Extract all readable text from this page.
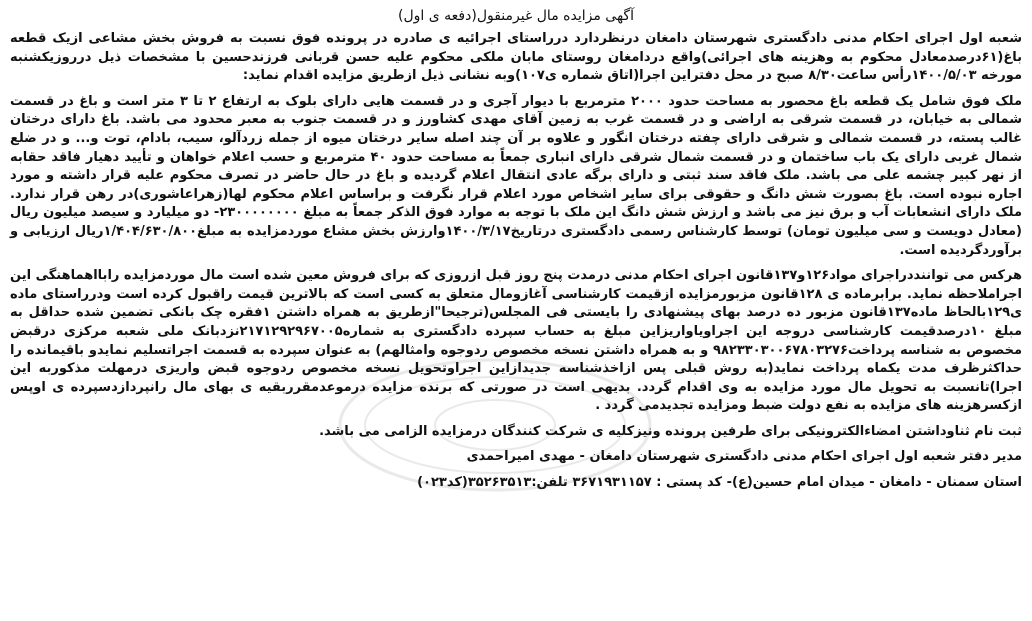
آگهی مزایده مال غیرمنقول(دفعه ی اول)

شعبه اول اجرای احکام مدنی دادگستری شهرستان دامغان درنظردارد درراستای اجرائیه ی صادره در پرونده فوق نسبت به فروش بخش مشاعی ازیک قطعه باغ(۶۱درصدمعادل محکوم به وهزینه های اجرائی)واقع دردامغان روستای مابان ملکی محکوم علیه حسن قربانی فرزندحسین با مشخصات ذیل درروزیکشنبه مورخه ۱۴۰۰/۵/۰۳رأس ساعت۸/۳۰ صبح در محل دفتراین اجرا(اتاق شماره ی۱۰۷)وبه نشانی ذیل ازطریق مزایده اقدام نماید:

ملک فوق شامل یک قطعه باغ محصور به مساحت حدود ۲۰۰۰ مترمربع با دیوار آجری و در قسمت هایی دارای بلوک به ارتفاع ۲ تا ۳ متر است و باغ در قسمت شمالی به خیابان، در قسمت شرقی به اراضی و در قسمت غرب به زمین آقای مهدی کشاورز و در قسمت جنوب به معبر محدود می باشد. باغ دارای درختان غالب پسته، در قسمت شمالی و شرقی دارای چفته درختان انگور و علاوه بر آن چند اصله سایر درختان میوه از جمله زردآلو، سیب، بادام، توت و... و در ضلع شمال غربی دارای یک باب ساختمان و در قسمت شمال شرقی دارای انباری جمعاً به مساحت حدود ۴۰ مترمربع و حسب اعلام خواهان و تأیید دهیار فاقد حقابه از نهر کبیر چشمه علی می باشد. ملک فاقد سند ثبتی و دارای برگه عادی انتقال اعلام گردیده و باغ در حال حاضر در تصرف محکوم علیه قرار داشته و مورد اجاره نبوده است. باغ بصورت شش دانگ و حقوقی برای سایر اشخاص مورد اعلام قرار نگرفت و براساس اعلام محکوم لها(زهراعاشوری)در رهن قرار ندارد. ملک دارای انشعابات آب و برق نیز می باشد و ارزش شش دانگ این ملک با توجه به موارد فوق الذکر جمعاً به مبلغ ۲۳۰۰۰۰۰۰۰۰- دو میلیارد و سیصد میلیون ریال (معادل دویست و سی میلیون تومان) توسط کارشناس رسمی دادگستری درتاریخ۱۴۰۰/۳/۱۷وارزش بخش مشاع موردمزایده به مبلغ۱/۴۰۴/۶۳۰/۸۰۰ریال ارزیابی و برآوردگردیده است.

هرکس می تواننددراجرای مواد۱۲۶و۱۳۷قانون اجرای احکام مدنی درمدت پنج روز قبل ازروزی که برای فروش معین شده است مال موردمزایده رابااهماهنگی این اجراملاحظه نماید. برابرماده ی ۱۲۸قانون مزبورمزایده ازقیمت کارشناسی آغازومال متعلق به کسی است که بالاترین قیمت راقبول کرده است ودرراستای ماده ی۱۲۹بالحاظ ماده۱۳۷قانون مزبور ده درصد بهای پیشنهادی را بایستی فی المجلس(ترجیحا"ازطریق به همراه داشتن ۱فقره چک بانکی تضمین شده حداقل به مبلغ ۱۰درصدقیمت کارشناسی دروجه این اجراویاواریزاین مبلغ به حساب سپرده دادگستری به شماره۲۱۷۱۲۹۲۹۶۷۰۰۵نزدبانک ملی شعبه مرکزی درقبض مخصوص به شناسه پرداخت۹۸۲۳۳۰۳۰۰۶۷۸۰۳۲۷۶ و به همراه داشتن نسخه مخصوص ردوجوه وامثالهم) به عنوان سپرده به قسمت اجراتسلیم نمایدو باقیمانده را حداکثرظرف مدت یکماه پرداخت نماید(به روش قبلی پس ازاخذشناسه جدیدازاین اجراوتحویل نسخه مخصوص ردوجوه قبض واریزی درمهلت مذکوربه این اجرا)تانسبت به تحویل مال مورد مزایده به وی اقدام گردد. بدیهی است در صورتی که برنده مزایده درموعدمقرربقیه ی بهای مال رانپردازدسپرده ی اوپس ازکسرهزینه های مزایده به نفع دولت ضبط ومزایده تجدیدمی گردد .

ثبت نام ثناوداشتن امضاءالکترونیکی برای طرفین پرونده ونیزکلیه ی شرکت کنندگان درمزایده الزامی می باشد.

مدیر دفتر شعبه اول اجرای احکام مدنی دادگستری شهرستان دامغان - مهدی امیراحمدی

استان سمنان - دامغان - میدان امام حسین(ع)- کد پستی : ۳۶۷۱۹۳۱۱۵۷ تلفن:۳۵۲۶۳۵۱۳(کد۰۲۳)
